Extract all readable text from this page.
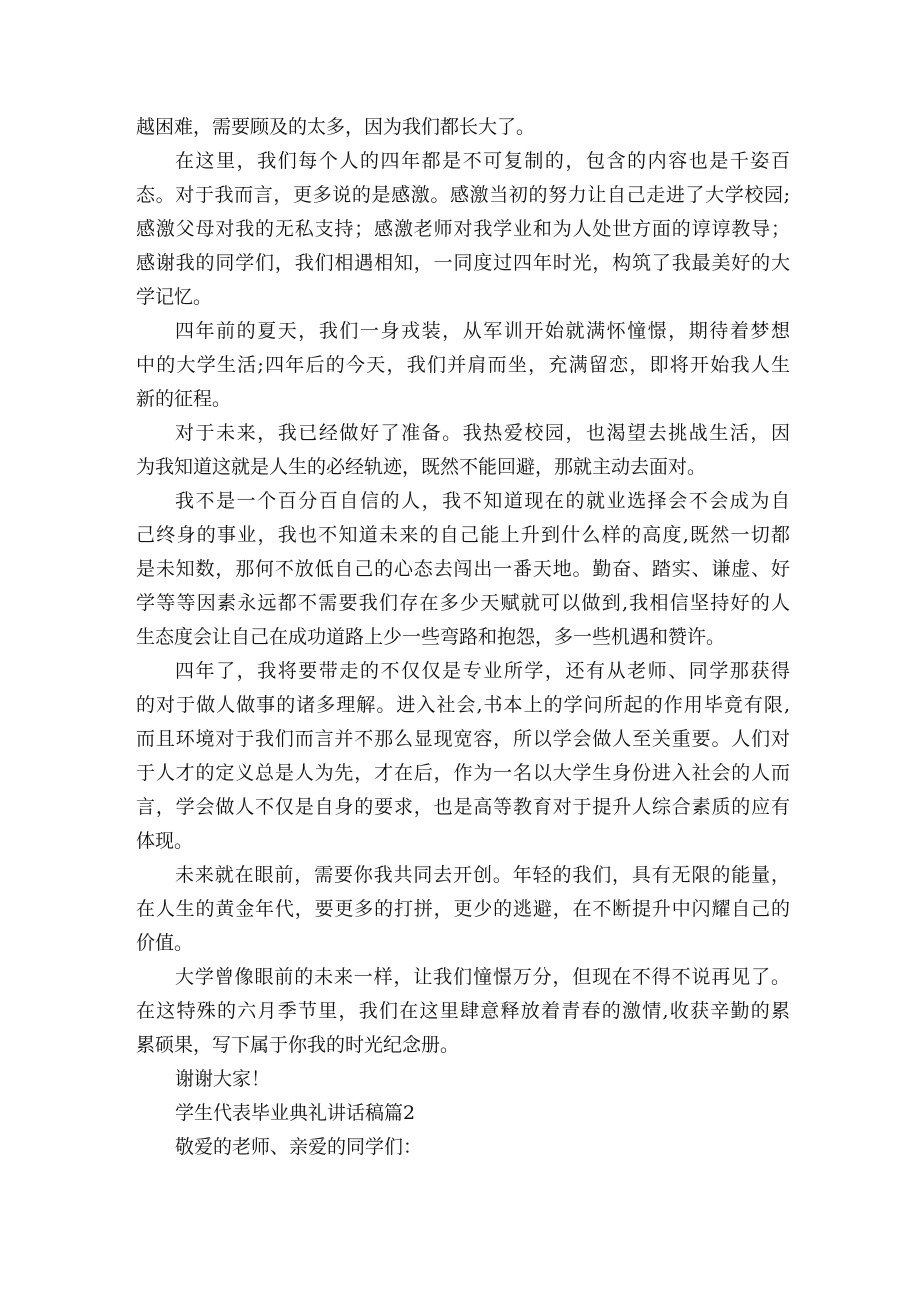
越困难，需要顾及的太多，因为我们都长大了。
在这里，我们每个人的四年都是不可复制的，包含的内容也是千姿百
态。对于我而言，更多说的是感激。感激当初的努力让自己走进了大学校园;
感激父母对我的无私支持；感激老师对我学业和为人处世方面的谆谆教导；
感谢我的同学们，我们相遇相知，一同度过四年时光，构筑了我最美好的大
学记忆。
四年前的夏天，我们一身戎装，从军训开始就满怀憧憬，期待着梦想
中的大学生活;四年后的今天，我们并肩而坐，充满留恋，即将开始我人生
新的征程。
对于未来，我已经做好了准备。我热爱校园，也渴望去挑战生活，因
为我知道这就是人生的必经轨迹，既然不能回避，那就主动去面对。
我不是一个百分百自信的人，我不知道现在的就业选择会不会成为自
己终身的事业，我也不知道未来的自己能上升到什么样的高度,既然一切都
是未知数，那何不放低自己的心态去闯出一番天地。勤奋、踏实、谦虚、好
学等等因素永远都不需要我们存在多少天赋就可以做到,我相信坚持好的人
生态度会让自己在成功道路上少一些弯路和抱怨，多一些机遇和赞许。
四年了，我将要带走的不仅仅是专业所学，还有从老师、同学那获得
的对于做人做事的诸多理解。进入社会,书本上的学问所起的作用毕竟有限,
而且环境对于我们而言并不那么显现宽容，所以学会做人至关重要。人们对
于人才的定义总是人为先，才在后，作为一名以大学生身份进入社会的人而
言，学会做人不仅是自身的要求，也是高等教育对于提升人综合素质的应有
体现。
未来就在眼前，需要你我共同去开创。年轻的我们，具有无限的能量，
在人生的黄金年代，要更多的打拼，更少的逃避，在不断提升中闪耀自己的
价值。
大学曾像眼前的未来一样，让我们憧憬万分，但现在不得不说再见了。
在这特殊的六月季节里，我们在这里肆意释放着青春的激情,收获辛勤的累
累硕果，写下属于你我的时光纪念册。
谢谢大家！
学生代表毕业典礼讲话稿篇2
敬爱的老师、亲爱的同学们：
